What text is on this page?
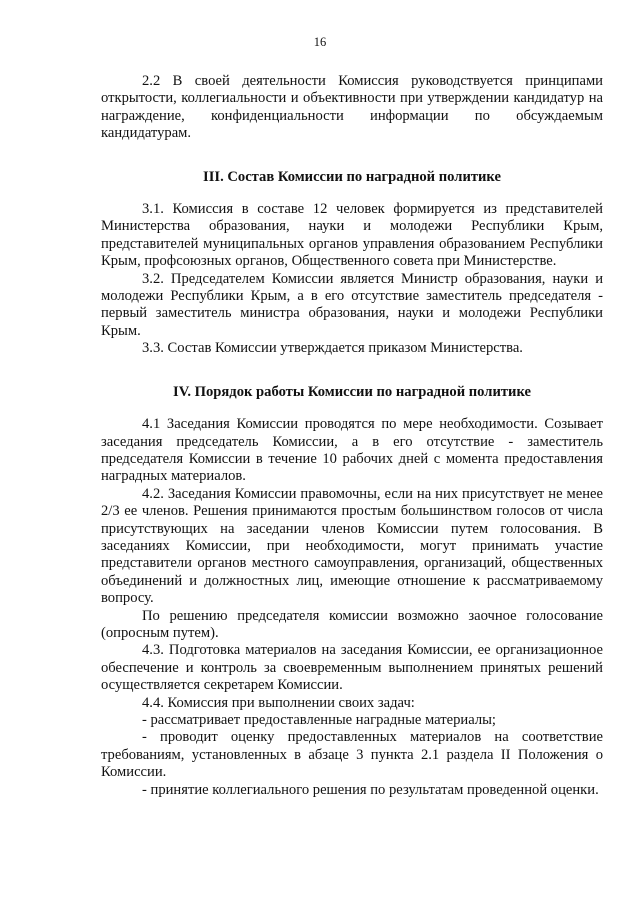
16

2.2 В своей деятельности Комиссия руководствуется принципами открытости, коллегиальности и объективности при утверждении кандидатур на награждение, конфиденциальности информации по обсуждаемым кандидатурам.

III. Состав Комиссии по наградной политике

3.1. Комиссия в составе 12 человек формируется из представителей Министерства образования, науки и молодежи Республики Крым, представителей муниципальных органов управления образованием Республики Крым, профсоюзных органов, Общественного совета при Министерстве.

3.2. Председателем Комиссии является Министр образования, науки и молодежи Республики Крым, а в его отсутствие заместитель председателя - первый заместитель министра образования, науки и молодежи Республики Крым.

3.3. Состав Комиссии утверждается приказом Министерства.

IV. Порядок работы Комиссии по наградной политике

4.1 Заседания Комиссии проводятся по мере необходимости. Созывает заседания председатель Комиссии, а в его отсутствие - заместитель председателя Комиссии в течение 10 рабочих дней с момента предоставления наградных материалов.

4.2. Заседания Комиссии правомочны, если на них присутствует не менее 2/3 ее членов. Решения принимаются простым большинством голосов от числа присутствующих на заседании членов Комиссии путем голосования. В заседаниях Комиссии, при необходимости, могут принимать участие представители органов местного самоуправления, организаций, общественных объединений и должностных лиц, имеющие отношение к рассматриваемому вопросу.

По решению председателя комиссии возможно заочное голосование (опросным путем).

4.3. Подготовка материалов на заседания Комиссии, ее организационное обеспечение и контроль за своевременным выполнением принятых решений осуществляется секретарем Комиссии.

4.4. Комиссия при выполнении своих задач:

- рассматривает предоставленные наградные материалы;

- проводит оценку предоставленных материалов на соответствие требованиям, установленных в абзаце 3 пункта 2.1 раздела II Положения о Комиссии.

- принятие коллегиального решения по результатам проведенной оценки.
